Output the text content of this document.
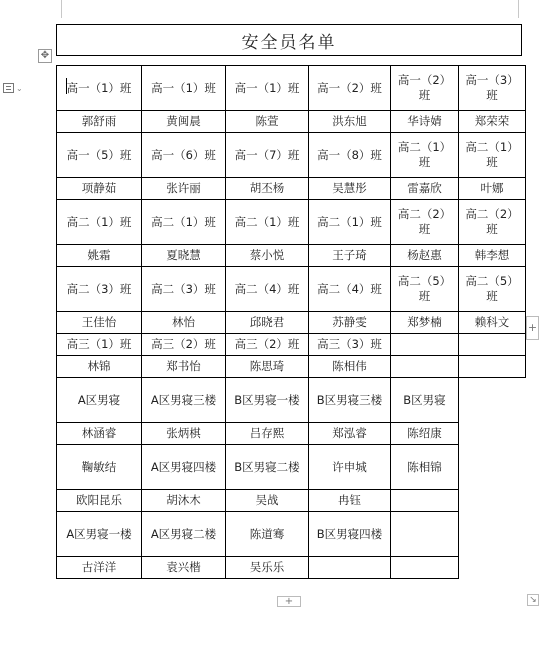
安全员名单
✥
⌄	高一（1）班	高一（1）班	高一（1）班	高一（2）班	高一（2）班	高一（3）班
郭舒雨	黄闽晨	陈萱	洪东旭	华诗婧	郑荣荣
高一（5）班	高一（6）班	高一（7）班	高一（8）班	高二（1）班	高二（1）班
项静茹	张许丽	胡丕杨	吴慧彤	雷嘉欣	叶娜
高二（1）班	高二（1）班	高二（1）班	高二（1）班	高二（2）班	高二（2）班
姚霜	夏晓慧	蔡小悦	王子琦	杨赵惠	韩李想
高二（3）班	高二（3）班	高二（4）班	高二（4）班	高二（5）班	高二（5）班
王佳怡	林怡	邱晓君	苏静雯	郑梦楠	赖科文
高三（1）班	高三（2）班	高三（2）班	高三（3）班		
林锦	郑书怡	陈思琦	陈相伟		
A区男寝	A区男寝三楼	B区男寝一楼	B区男寝三楼	B区男寝	
林涵睿	张炳棋	吕存熙	郑泓睿	陈绍康	
鞠敏结	A区男寝四楼	B区男寝二楼	许申城	陈相锦	
欧阳昆乐	胡沐木	吴战	冉钰		
A区男寝一楼	A区男寝二楼	陈道骞	B区男寝四楼		
古洋洋	袁兴楷	吴乐乐			
+
+
↘
